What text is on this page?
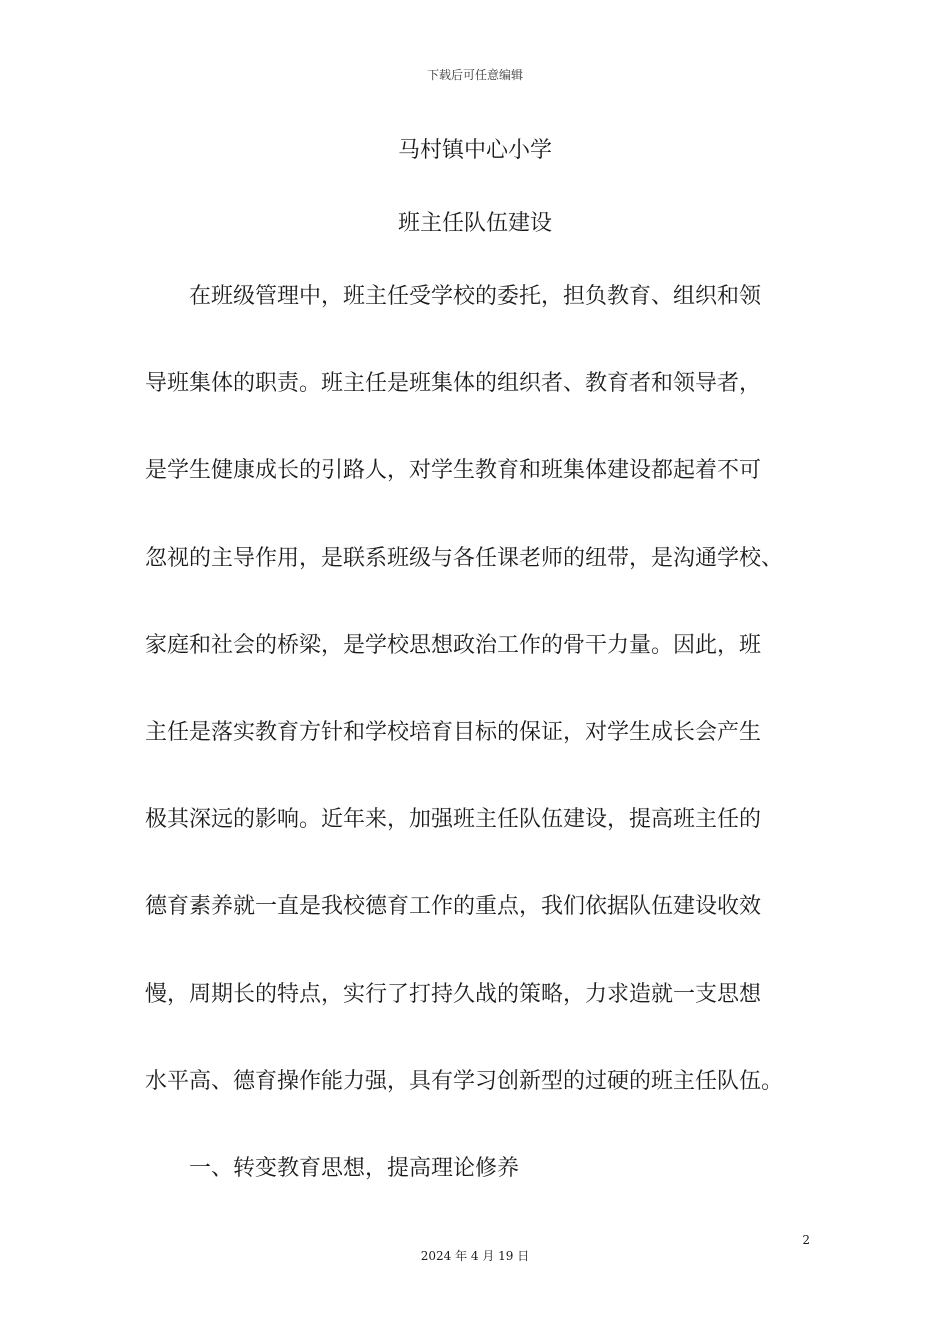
下载后可任意编辑
马村镇中心小学
班主任队伍建设
在班级管理中，班主任受学校的委托，担负教育、组织和领
导班集体的职责。班主任是班集体的组织者、教育者和领导者，
是学生健康成长的引路人，对学生教育和班集体建设都起着不可
忽视的主导作用，是联系班级与各任课老师的纽带，是沟通学校、
家庭和社会的桥梁，是学校思想政治工作的骨干力量。因此，班
主任是落实教育方针和学校培育目标的保证，对学生成长会产生
极其深远的影响。近年来，加强班主任队伍建设，提高班主任的
德育素养就一直是我校德育工作的重点，我们依据队伍建设收效
慢，周期长的特点，实行了打持久战的策略，力求造就一支思想
水平高、德育操作能力强，具有学习创新型的过硬的班主任队伍。
一、转变教育思想，提高理论修养
2
2024 年 4 月 19 日
